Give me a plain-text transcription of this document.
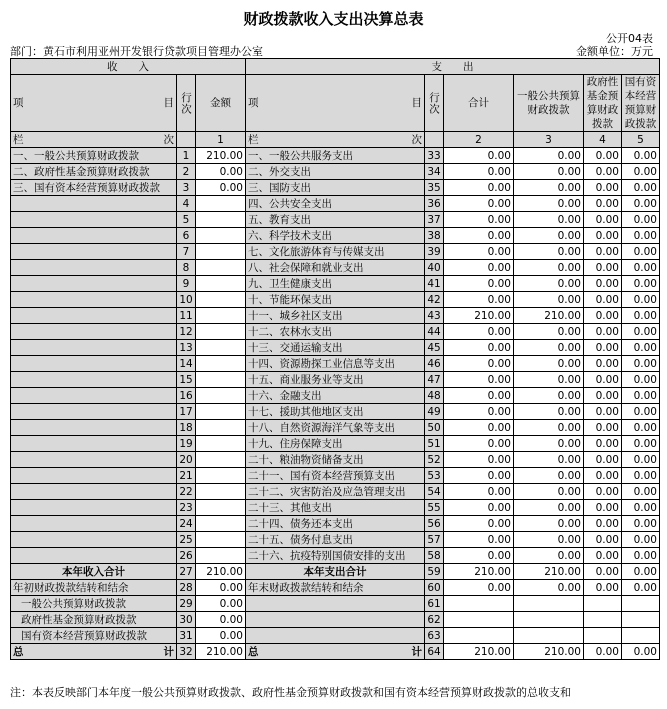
财政拨款收入支出决算总表
公开04表
部门：黄石市利用亚州开发银行贷款项目管理办公室	金额单位：万元
收　　入			支　　出					

项 目	行次	金额	项 目	行次	合计	一般公共预算财政拨款	政府性基金预算财政拨款	国有资本经营预算财政拨款

栏 次		1	栏 次		2	3	4	5
一、一般公共预算财政拨款	1	210.00	一、一般公共服务支出	33	0.00	0.00	0.00	0.00
二、政府性基金预算财政拨款	2	0.00	二、外交支出	34	0.00	0.00	0.00	0.00
三、国有资本经营预算财政拨款	3	0.00	三、国防支出	35	0.00	0.00	0.00	0.00
	4		四、公共安全支出	36	0.00	0.00	0.00	0.00
	5		五、教育支出	37	0.00	0.00	0.00	0.00
	6		六、科学技术支出	38	0.00	0.00	0.00	0.00
	7		七、文化旅游体育与传媒支出	39	0.00	0.00	0.00	0.00
	8		八、社会保障和就业支出	40	0.00	0.00	0.00	0.00
	9		九、卫生健康支出	41	0.00	0.00	0.00	0.00
	10		十、节能环保支出	42	0.00	0.00	0.00	0.00
	11		十一、城乡社区支出	43	210.00	210.00	0.00	0.00
	12		十二、农林水支出	44	0.00	0.00	0.00	0.00
	13		十三、交通运输支出	45	0.00	0.00	0.00	0.00
	14		十四、资源勘探工业信息等支出	46	0.00	0.00	0.00	0.00
	15		十五、商业服务业等支出	47	0.00	0.00	0.00	0.00
	16		十六、金融支出	48	0.00	0.00	0.00	0.00
	17		十七、援助其他地区支出	49	0.00	0.00	0.00	0.00
	18		十八、自然资源海洋气象等支出	50	0.00	0.00	0.00	0.00
	19		十九、住房保障支出	51	0.00	0.00	0.00	0.00
	20		二十、粮油物资储备支出	52	0.00	0.00	0.00	0.00
	21		二十一、国有资本经营预算支出	53	0.00	0.00	0.00	0.00
	22		二十二、灾害防治及应急管理支出	54	0.00	0.00	0.00	0.00
	23		二十三、其他支出	55	0.00	0.00	0.00	0.00
	24		二十四、债务还本支出	56	0.00	0.00	0.00	0.00
	25		二十五、债务付息支出	57	0.00	0.00	0.00	0.00
	26		二十六、抗疫特别国债安排的支出	58	0.00	0.00	0.00	0.00
本年收入合计	27	210.00	本年支出合计	59	210.00	210.00	0.00	0.00
年初财政拨款结转和结余	28	0.00	年末财政拨款结转和结余	60	0.00	0.00	0.00	0.00
一般公共预算财政拨款	29	0.00		61				
政府性基金预算财政拨款	30	0.00		62				
国有资本经营预算财政拨款	31	0.00		63				

总 计	32	210.00	总 计	64	210.00	210.00	0.00	0.00
注：本表反映部门本年度一般公共预算财政拨款、政府性基金预算财政拨款和国有资本经营预算财政拨款的总收支和
